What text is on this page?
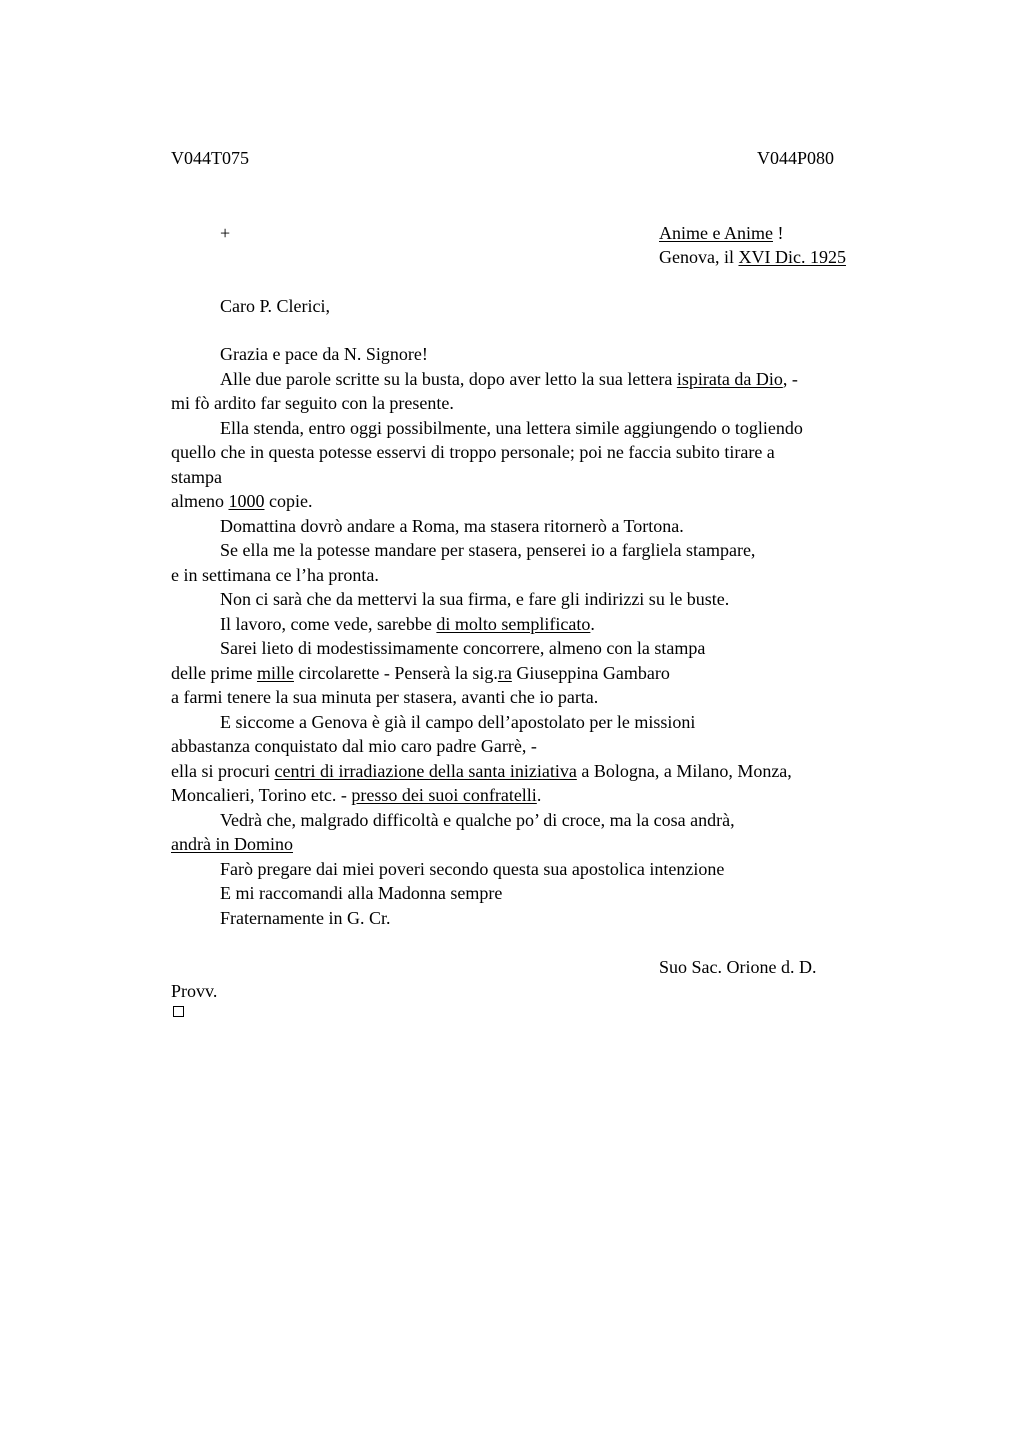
V044T075	V044P080
+	Anime e Anime !
Genova, il XVI Dic. 1925
Caro P. Clerici,
Grazia e pace da N. Signore!
Alle due parole scritte su la busta, dopo aver letto la sua lettera ispirata da Dio, -
mi fò ardito far seguito con la presente.
Ella stenda, entro oggi possibilmente, una lettera simile aggiungendo o togliendo
quello che in questa potesse esservi di troppo personale; poi ne faccia subito tirare a
stampa
almeno 1000 copie.
Domattina dovrò andare a Roma, ma stasera ritornerò a Tortona.
Se ella me la potesse mandare per stasera, penserei io a fargliela stampare,
e in settimana ce l’ha pronta.
Non ci sarà che da mettervi la sua firma, e fare gli indirizzi su le buste.
Il lavoro, come vede, sarebbe di molto semplificato.
Sarei lieto di modestissimamente concorrere, almeno con la stampa
delle prime mille circolarette - Penserà la sig.ra Giuseppina Gambaro
a farmi tenere la sua minuta per stasera, avanti che io parta.
E siccome a Genova è già il campo dell’apostolato per le missioni
abbastanza conquistato dal mio caro padre Garrè, -
ella si procuri centri di irradiazione della santa iniziativa a Bologna, a Milano, Monza,
Moncalieri, Torino etc. - presso dei suoi confratelli.
Vedrà che, malgrado difficoltà e qualche po’ di croce, ma la cosa andrà,
andrà in Domino
Farò pregare dai miei poveri secondo questa sua apostolica intenzione
E mi raccomandi alla Madonna sempre
Fraternamente in G. Cr.
Suo Sac. Orione d. D.
Provv.
